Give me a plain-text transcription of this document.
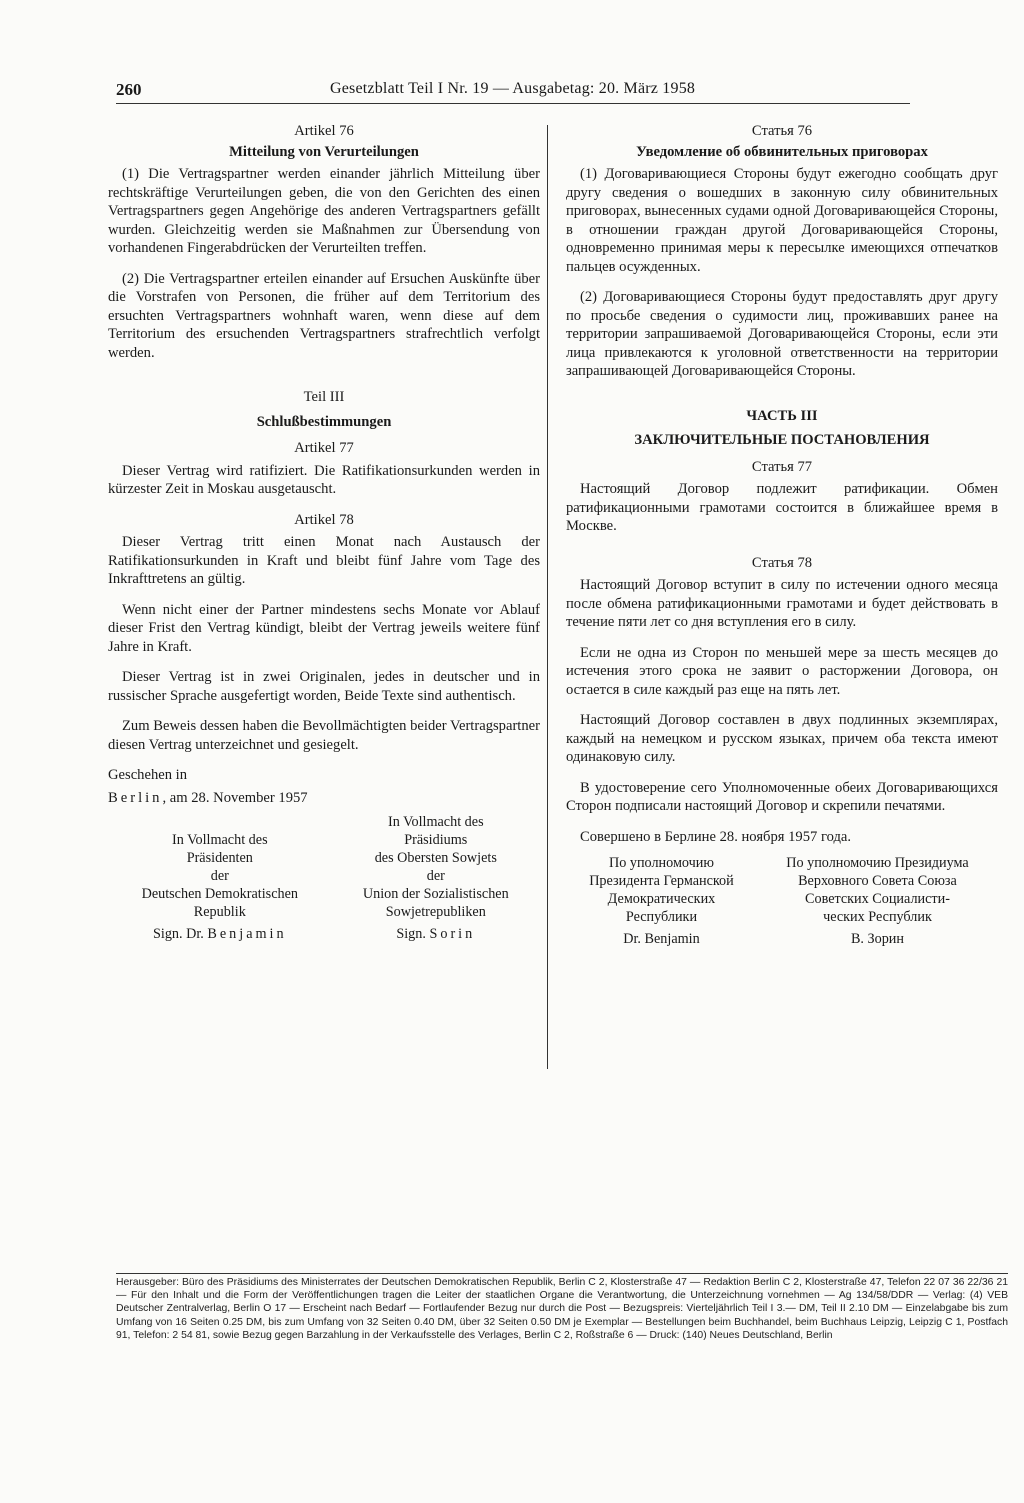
260	Gesetzblatt Teil I Nr. 19 — Ausgabetag: 20. März 1958

Artikel 76

Mitteilung von Verurteilungen

(1) Die Vertragspartner werden einander jährlich Mitteilung über rechtskräftige Verurteilungen geben, die von den Gerichten des einen Vertragspartners gegen Angehörige des anderen Vertragspartners gefällt wurden. Gleichzeitig werden sie Maßnahmen zur Übersendung von vorhandenen Fingerabdrücken der Verurteilten treffen.

(2) Die Vertragspartner erteilen einander auf Ersuchen Auskünfte über die Vorstrafen von Personen, die früher auf dem Territorium des ersuchten Vertragspartners wohnhaft waren, wenn diese auf dem Territorium des ersuchenden Vertragspartners strafrechtlich verfolgt werden.

Teil III

Schlußbestimmungen

Artikel 77

Dieser Vertrag wird ratifiziert. Die Ratifikationsurkunden werden in kürzester Zeit in Moskau ausgetauscht.

Artikel 78

Dieser Vertrag tritt einen Monat nach Austausch der Ratifikationsurkunden in Kraft und bleibt fünf Jahre vom Tage des Inkrafttretens an gültig.

Wenn nicht einer der Partner mindestens sechs Monate vor Ablauf dieser Frist den Vertrag kündigt, bleibt der Vertrag jeweils weitere fünf Jahre in Kraft.

Dieser Vertrag ist in zwei Originalen, jedes in deutscher und in russischer Sprache ausgefertigt worden, Beide Texte sind authentisch.

Zum Beweis dessen haben die Bevollmächtigten beider Vertragspartner diesen Vertrag unterzeichnet und gesiegelt.

Geschehen in

Berlin, am 28. November 1957

In Vollmacht des
Präsidenten
der
Deutschen Demokratischen
Republik
Sign. Dr. Benjamin

In Vollmacht des
Präsidiums
des Obersten Sowjets
der
Union der Sozialistischen
Sowjetrepubliken
Sign. Sorin

Статья 76

Уведомление об обвинительных приговорах

(1) Договаривающиеся Стороны будут ежегодно сообщать друг другу сведения о вошедших в законную силу обвинительных приговорах, вынесенных судами одной Договаривающейся Стороны, в отношении граждан другой Договаривающейся Стороны, одновременно принимая меры к пересылке имеющихся отпечатков пальцев осужденных.

(2) Договаривающиеся Стороны будут предоставлять друг другу по просьбе сведения о судимости лиц, проживавших ранее на территории запрашиваемой Договаривающейся Стороны, если эти лица привлекаются к уголовной ответственности на территории запрашивающей Договаривающейся Стороны.

ЧАСТЬ III

ЗАКЛЮЧИТЕЛЬНЫЕ ПОСТАНОВЛЕНИЯ

Статья 77

Настоящий Договор подлежит ратификации. Обмен ратификационными грамотами состоится в ближайшее время в Москве.

Статья 78

Настоящий Договор вступит в силу по истечении одного месяца после обмена ратификационными грамотами и будет действовать в течение пяти лет со дня вступления его в силу.

Если не одна из Сторон по меньшей мере за шесть месяцев до истечения этого срока не заявит о расторжении Договора, он остается в силе каждый раз еще на пять лет.

Настоящий Договор составлен в двух подлинных экземплярах, каждый на немецком и русском языках, причем оба текста имеют одинаковую силу.

В удостоверение сего Уполномоченные обеих Договаривающихся Сторон подписали настоящий Договор и скрепили печатями.

Совершено в Берлине 28. ноября 1957 года.

По уполномочию
Президента Германской
Демократических
Республики
Dr. Benjamin

По уполномочию Президиума
Верховного Совета Союза
Советских Социалисти-
ческих Республик
В. Зорин
Herausgeber: Büro des Präsidiums des Ministerrates der Deutschen Demokratischen Republik, Berlin C 2, Klosterstraße 47 — Redaktion Berlin C 2, Klosterstraße 47, Telefon 22 07 36 22/36 21 — Für den Inhalt und die Form der Veröffentlichungen tragen die Leiter der staatlichen Organe die Verantwortung, die Unterzeichnung vornehmen — Ag 134/58/DDR — Verlag: (4) VEB Deutscher Zentralverlag, Berlin O 17 — Erscheint nach Bedarf — Fortlaufender Bezug nur durch die Post — Bezugspreis: Vierteljährlich Teil I 3.— DM, Teil II 2.10 DM — Einzelabgabe bis zum Umfang von 16 Seiten 0.25 DM, bis zum Umfang von 32 Seiten 0.40 DM, über 32 Seiten 0.50 DM je Exemplar — Bestellungen beim Buchhandel, beim Buchhaus Leipzig, Leipzig C 1, Postfach 91, Telefon: 2 54 81, sowie Bezug gegen Barzahlung in der Verkaufsstelle des Verlages, Berlin C 2, Roßstraße 6 — Druck: (140) Neues Deutschland, Berlin
